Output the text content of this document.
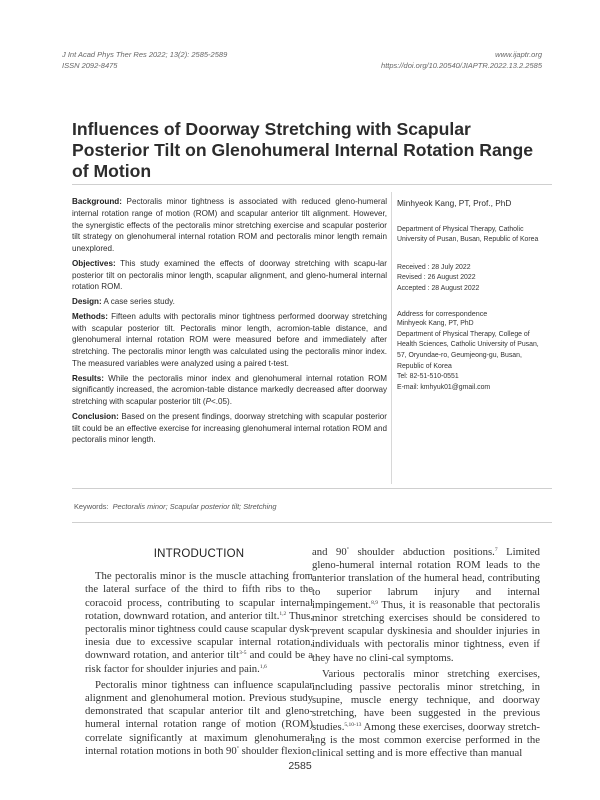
J Int Acad Phys Ther Res 2022; 13(2): 2585-2589
ISSN 2092-8475
www.ijaptr.org
https://doi.org/10.20540/JIAPTR.2022.13.2.2585
Influences of Doorway Stretching with Scapular Posterior Tilt on Glenohumeral Internal Rotation Range of Motion

Background: Pectoralis minor tightness is associated with reduced gleno-humeral internal rotation range of motion (ROM) and scapular anterior tilt alignment. However, the synergistic effects of the pectoralis minor stretching exercise and scapular posterior tilt strategy on glenohumeral internal rotation ROM and pectoralis minor length remain unexplored.

Objectives: This study examined the effects of doorway stretching with scapu-lar posterior tilt on pectoralis minor length, scapular alignment, and gleno-humeral internal rotation ROM.

Design: A case series study.

Methods: Fifteen adults with pectoralis minor tightness performed doorway stretching with scapular posterior tilt. Pectoralis minor length, acromion-table distance, and glenohumeral internal rotation ROM were measured before and immediately after stretching. The pectoralis minor length was calculated using the pectoralis minor index. The measured variables were analyzed using a paired t-test.

Results: While the pectoralis minor index and glenohumeral internal rotation ROM significantly increased, the acromion-table distance markedly decreased after doorway stretching with scapular posterior tilt (P<.05).

Conclusion: Based on the present findings, doorway stretching with scapular posterior tilt could be an effective exercise for increasing glenohumeral internal rotation ROM and pectoralis minor length.

Minhyeok Kang, PT, Prof., PhD
Department of Physical Therapy, Catholic University of Pusan, Busan, Republic of Korea
Received : 28 July 2022
Revised : 26 August 2022
Accepted : 28 August 2022
Address for correspondence
Minhyeok Kang, PT, PhD
Department of Physical Therapy, College of Health Sciences, Catholic University of Pusan, 57, Oryundae-ro, Geumjeong-gu, Busan, Republic of Korea
Tel: 82-51-510-0551
E-mail: kmhyuk01@gmail.com
Keywords: Pectoralis minor; Scapular posterior tilt; Stretching
INTRODUCTION

The pectoralis minor is the muscle attaching from the lateral surface of the third to fifth ribs to the coracoid process, contributing to scapular internal rotation, downward rotation, and anterior tilt.$^{1,2}$ Thus, pectoralis minor tightness could cause scapular dysk-inesia due to excessive scapular internal rotation, downward rotation, and anterior tilt$^{3-5}$ and could be a risk factor for shoulder injuries and pain.$^{1,6}$

Pectoralis minor tightness can influence scapular alignment and glenohumeral motion. Previous study demonstrated that scapular anterior tilt and gleno-humeral internal rotation range of motion (ROM) correlate significantly at maximum glenohumeral internal rotation motions in both 90° shoulder flexion

and 90° shoulder abduction positions.$^7$ Limited gleno-humeral internal rotation ROM leads to the anterior translation of the humeral head, contributing to superior labrum injury and internal impingement.$^{8,9}$ Thus, it is reasonable that pectoralis minor stretching exercises should be considered to prevent scapular dyskinesia and shoulder injuries in individuals with pectoralis minor tightness, even if they have no clini-cal symptoms.

Various pectoralis minor stretching exercises, including passive pectoralis minor stretching, in supine, muscle energy technique, and doorway stretching, have been suggested in the previous studies.$^{5,10-13}$ Among these exercises, doorway stretch-ing is the most common exercise performed in the clinical setting and is more effective than manual

2585
